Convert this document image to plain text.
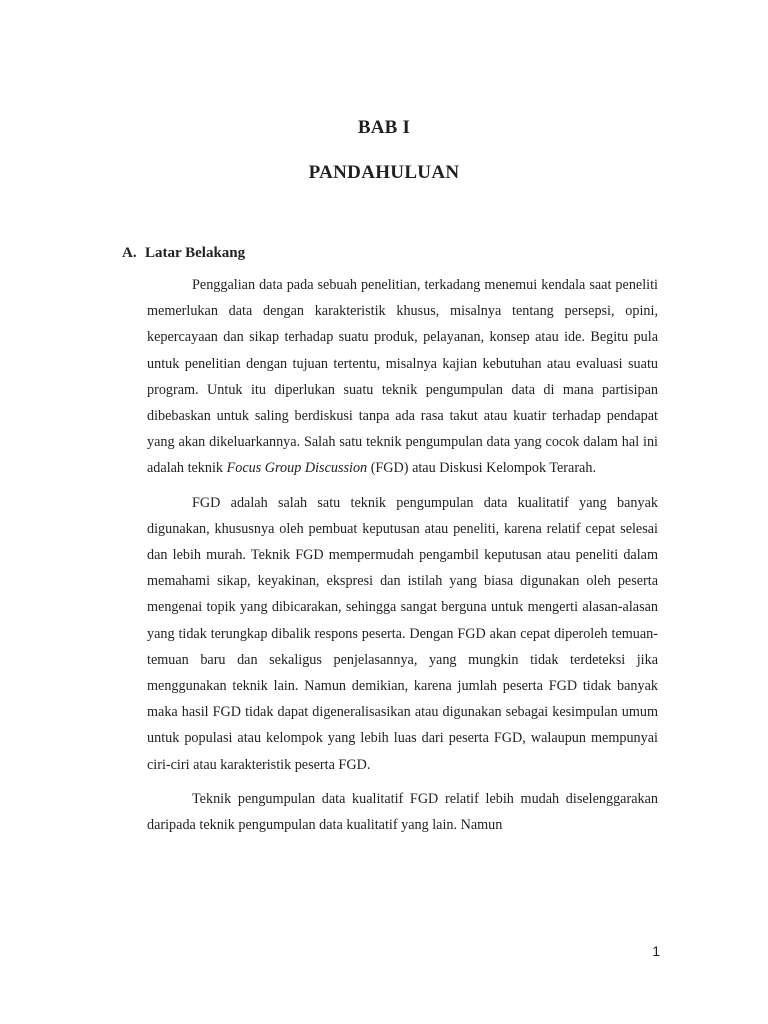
BAB I
PANDAHULUAN
A. Latar Belakang

Penggalian data pada sebuah penelitian, terkadang menemui kendala saat peneliti memerlukan data dengan karakteristik khusus, misalnya tentang persepsi, opini, kepercayaan dan sikap terhadap suatu produk, pelayanan, konsep atau ide. Begitu pula untuk penelitian dengan tujuan tertentu, misalnya kajian kebutuhan atau evaluasi suatu program. Untuk itu diperlukan suatu teknik pengumpulan data di mana partisipan dibebaskan untuk saling berdiskusi tanpa ada rasa takut atau kuatir terhadap pendapat yang akan dikeluarkannya. Salah satu teknik pengumpulan data yang cocok dalam hal ini adalah teknik Focus Group Discussion (FGD) atau Diskusi Kelompok Terarah.

FGD adalah salah satu teknik pengumpulan data kualitatif yang banyak digunakan, khususnya oleh pembuat keputusan atau peneliti, karena relatif cepat selesai dan lebih murah. Teknik FGD mempermudah pengambil keputusan atau peneliti dalam memahami sikap, keyakinan, ekspresi dan istilah yang biasa digunakan oleh peserta mengenai topik yang dibicarakan, sehingga sangat berguna untuk mengerti alasan-alasan yang tidak terungkap dibalik respons peserta. Dengan FGD akan cepat diperoleh temuan- temuan baru dan sekaligus penjelasannya, yang mungkin tidak terdeteksi jika menggunakan teknik lain. Namun demikian, karena jumlah peserta FGD tidak banyak maka hasil FGD tidak dapat digeneralisasikan atau digunakan sebagai kesimpulan umum untuk populasi atau kelompok yang lebih luas dari peserta FGD, walaupun mempunyai ciri-ciri atau karakteristik peserta FGD.

Teknik pengumpulan data kualitatif FGD relatif lebih mudah diselenggarakan daripada teknik pengumpulan data kualitatif yang lain. Namun

1
